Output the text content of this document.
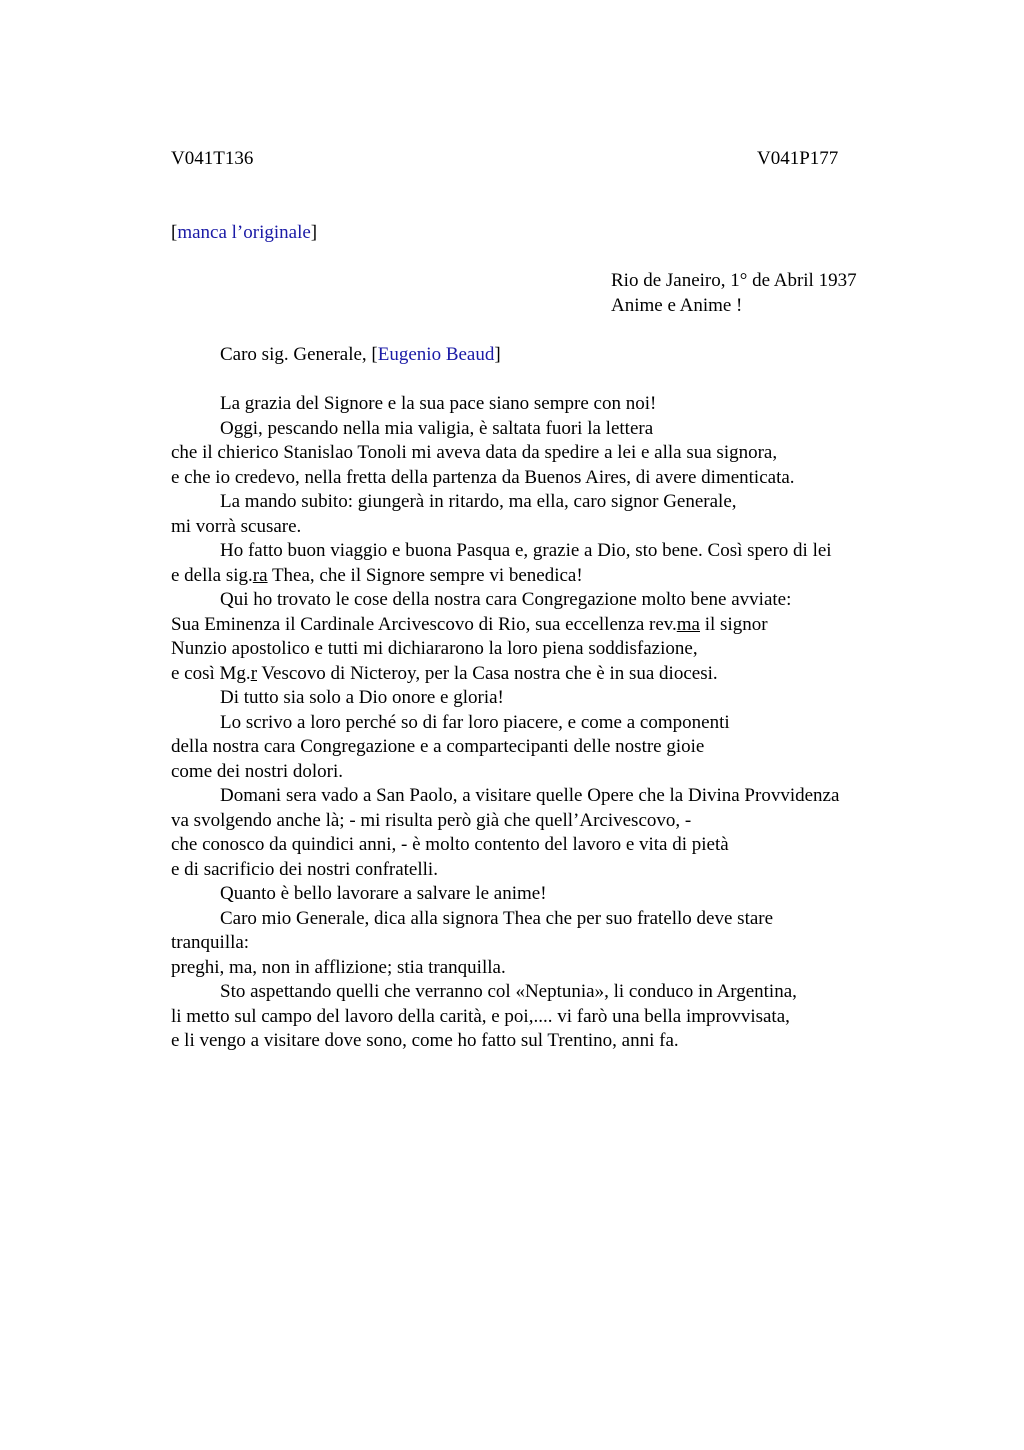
V041T136	V041P177
[manca l’originale]
Rio de Janeiro, 1° de Abril 1937
Anime e Anime !
Caro sig. Generale, [Eugenio Beaud]
La grazia del Signore e la sua pace siano sempre con noi!
Oggi, pescando nella mia valigia, è saltata fuori la lettera
che il chierico Stanislao Tonoli mi aveva data da spedire a lei e alla sua signora,
e che io credevo, nella fretta della partenza da Buenos Aires, di avere dimenticata.
La mando subito: giungerà in ritardo, ma ella, caro signor Generale,
mi vorrà scusare.
Ho fatto buon viaggio e buona Pasqua e, grazie a Dio, sto bene. Così spero di lei
e della sig.ra Thea, che il Signore sempre vi benedica!
Qui ho trovato le cose della nostra cara Congregazione molto bene avviate:
Sua Eminenza il Cardinale Arcivescovo di Rio, sua eccellenza rev.ma il signor
Nunzio apostolico e tutti mi dichiararono la loro piena soddisfazione,
e così Mg.r Vescovo di Nicteroy, per la Casa nostra che è in sua diocesi.
Di tutto sia solo a Dio onore e gloria!
Lo scrivo a loro perché so di far loro piacere, e come a componenti
della nostra cara Congregazione e a compartecipanti delle nostre gioie
come dei nostri dolori.
Domani sera vado a San Paolo, a visitare quelle Opere che la Divina Provvidenza
va svolgendo anche là; - mi risulta però già che quell’Arcivescovo, -
che conosco da quindici anni, - è molto contento del lavoro e vita di pietà
e di sacrificio dei nostri confratelli.
Quanto è bello lavorare a salvare le anime!
Caro mio Generale, dica alla signora Thea che per suo fratello deve stare
tranquilla:
preghi, ma, non in afflizione; stia tranquilla.
Sto aspettando quelli che verranno col «Neptunia», li conduco in Argentina,
li metto sul campo del lavoro della carità, e poi,.... vi farò una bella improvvisata,
e li vengo a visitare dove sono, come ho fatto sul Trentino, anni fa.
